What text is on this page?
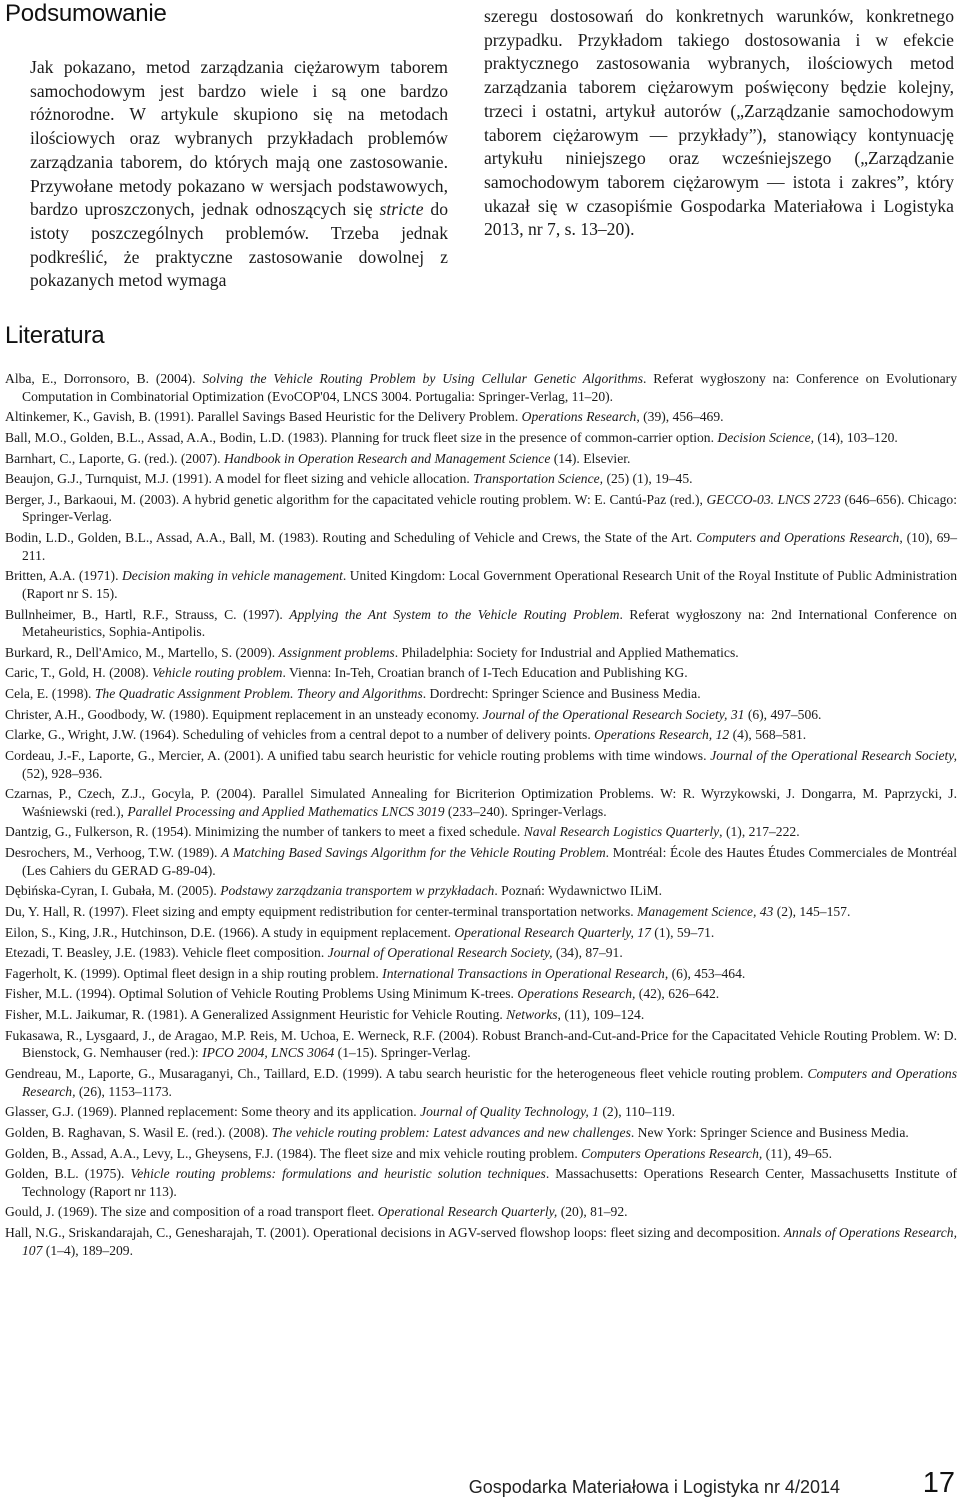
Podsumowanie
Jak pokazano, metod zarządzania ciężarowym taborem samochodowym jest bardzo wiele i są one bardzo różnorodne. W artykule skupiono się na metodach ilościowych oraz wybranych przykładach problemów zarządzania taborem, do których mają one zastosowanie. Przywołane metody pokazano w wersjach podstawowych, bardzo uproszczonych, jednak odnoszących się stricte do istoty poszczególnych problemów. Trzeba jednak podkreślić, że praktyczne zastosowanie dowolnej z pokazanych metod wymaga
szeregu dostosowań do konkretnych warunków, konkretnego przypadku. Przykładom takiego dostosowania i w efekcie praktycznego zastosowania wybranych, ilościowych metod zarządzania taborem ciężarowym poświęcony będzie kolejny, trzeci i ostatni, artykuł autorów („Zarządzanie samochodowym taborem ciężarowym — przykłady”), stanowiący kontynuację artykułu niniejszego oraz wcześniejszego („Zarządzanie samochodowym taborem ciężarowym — istota i zakres”, który ukazał się w czasopiśmie Gospodarka Materiałowa i Logistyka 2013, nr 7, s. 13–20).
Literatura
Alba, E., Dorronsoro, B. (2004). Solving the Vehicle Routing Problem by Using Cellular Genetic Algorithms. Referat wygłoszony na: Conference on Evolutionary Computation in Combinatorial Optimization (EvoCOP'04, LNCS 3004. Portugalia: Springer-Verlag, 11–20).
Altinkemer, K., Gavish, B. (1991). Parallel Savings Based Heuristic for the Delivery Problem. Operations Research, (39), 456–469.
Ball, M.O., Golden, B.L., Assad, A.A., Bodin, L.D. (1983). Planning for truck fleet size in the presence of common-carrier option. Decision Science, (14), 103–120.
Barnhart, C., Laporte, G. (red.). (2007). Handbook in Operation Research and Management Science (14). Elsevier.
Beaujon, G.J., Turnquist, M.J. (1991). A model for fleet sizing and vehicle allocation. Transportation Science, (25) (1), 19–45.
Berger, J., Barkaoui, M. (2003). A hybrid genetic algorithm for the capacitated vehicle routing problem. W: E. Cantú-Paz (red.), GECCO-03. LNCS 2723 (646–656). Chicago: Springer-Verlag.
Bodin, L.D., Golden, B.L., Assad, A.A., Ball, M. (1983). Routing and Scheduling of Vehicle and Crews, the State of the Art. Computers and Operations Research, (10), 69–211.
Britten, A.A. (1971). Decision making in vehicle management. United Kingdom: Local Government Operational Research Unit of the Royal Institute of Public Administration (Raport nr S. 15).
Bullnheimer, B., Hartl, R.F., Strauss, C. (1997). Applying the Ant System to the Vehicle Routing Problem. Referat wygłoszony na: 2nd International Conference on Metaheuristics, Sophia-Antipolis.
Burkard, R., Dell'Amico, M., Martello, S. (2009). Assignment problems. Philadelphia: Society for Industrial and Applied Mathematics.
Caric, T., Gold, H. (2008). Vehicle routing problem. Vienna: In-Teh, Croatian branch of I-Tech Education and Publishing KG.
Cela, E. (1998). The Quadratic Assignment Problem. Theory and Algorithms. Dordrecht: Springer Science and Business Media.
Christer, A.H., Goodbody, W. (1980). Equipment replacement in an unsteady economy. Journal of the Operational Research Society, 31 (6), 497–506.
Clarke, G., Wright, J.W. (1964). Scheduling of vehicles from a central depot to a number of delivery points. Operations Research, 12 (4), 568–581.
Cordeau, J.-F., Laporte, G., Mercier, A. (2001). A unified tabu search heuristic for vehicle routing problems with time windows. Journal of the Operational Research Society, (52), 928–936.
Czarnas, P., Czech, Z.J., Gocyla, P. (2004). Parallel Simulated Annealing for Bicriterion Optimization Problems. W: R. Wyrzykowski, J. Dongarra, M. Paprzycki, J. Waśniewski (red.), Parallel Processing and Applied Mathematics LNCS 3019 (233–240). Springer-Verlags.
Dantzig, G., Fulkerson, R. (1954). Minimizing the number of tankers to meet a fixed schedule. Naval Research Logistics Quarterly, (1), 217–222.
Desrochers, M., Verhoog, T.W. (1989). A Matching Based Savings Algorithm for the Vehicle Routing Problem. Montréal: École des Hautes Études Commerciales de Montréal (Les Cahiers du GERAD G-89-04).
Dębińska-Cyran, I. Gubała, M. (2005). Podstawy zarządzania transportem w przykładach. Poznań: Wydawnictwo ILiM.
Du, Y. Hall, R. (1997). Fleet sizing and empty equipment redistribution for center-terminal transportation networks. Management Science, 43 (2), 145–157.
Eilon, S., King, J.R., Hutchinson, D.E. (1966). A study in equipment replacement. Operational Research Quarterly, 17 (1), 59–71.
Etezadi, T. Beasley, J.E. (1983). Vehicle fleet composition. Journal of Operational Research Society, (34), 87–91.
Fagerholt, K. (1999). Optimal fleet design in a ship routing problem. International Transactions in Operational Research, (6), 453–464.
Fisher, M.L. (1994). Optimal Solution of Vehicle Routing Problems Using Minimum K-trees. Operations Research, (42), 626–642.
Fisher, M.L. Jaikumar, R. (1981). A Generalized Assignment Heuristic for Vehicle Routing. Networks, (11), 109–124.
Fukasawa, R., Lysgaard, J., de Aragao, M.P. Reis, M. Uchoa, E. Werneck, R.F. (2004). Robust Branch-and-Cut-and-Price for the Capacitated Vehicle Routing Problem. W: D. Bienstock, G. Nemhauser (red.): IPCO 2004, LNCS 3064 (1–15). Springer-Verlag.
Gendreau, M., Laporte, G., Musaraganyi, Ch., Taillard, E.D. (1999). A tabu search heuristic for the heterogeneous fleet vehicle routing problem. Computers and Operations Research, (26), 1153–1173.
Glasser, G.J. (1969). Planned replacement: Some theory and its application. Journal of Quality Technology, 1 (2), 110–119.
Golden, B. Raghavan, S. Wasil E. (red.). (2008). The vehicle routing problem: Latest advances and new challenges. New York: Springer Science and Business Media.
Golden, B., Assad, A.A., Levy, L., Gheysens, F.J. (1984). The fleet size and mix vehicle routing problem. Computers Operations Research, (11), 49–65.
Golden, B.L. (1975). Vehicle routing problems: formulations and heuristic solution techniques. Massachusetts: Operations Research Center, Massachusetts Institute of Technology (Raport nr 113).
Gould, J. (1969). The size and composition of a road transport fleet. Operational Research Quarterly, (20), 81–92.
Hall, N.G., Sriskandarajah, C., Genesharajah, T. (2001). Operational decisions in AGV-served flowshop loops: fleet sizing and decomposition. Annals of Operations Research, 107 (1–4), 189–209.
Gospodarka Materiałowa i Logistyka nr 4/2014	17
